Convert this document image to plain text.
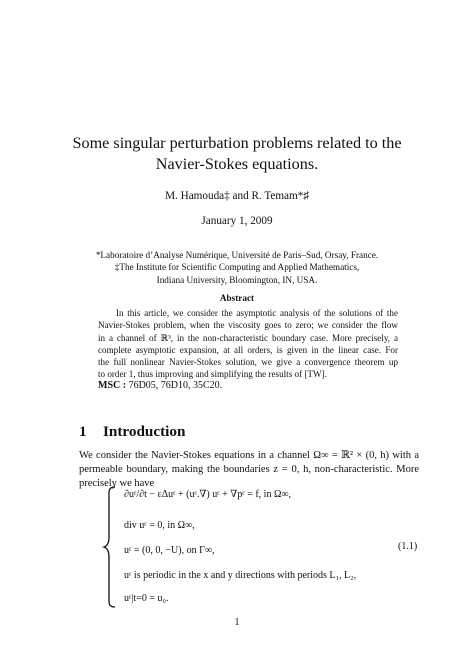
Some singular perturbation problems related to the
Navier-Stokes equations.
M. Hamouda‡ and R. Temam*♯
January 1, 2009
*Laboratoire d’Analyse Numérique, Université de Paris–Sud, Orsay, France.
‡The Institute for Scientific Computing and Applied Mathematics,
Indiana University, Bloomington, IN, USA.
Abstract
In this article, we consider the asymptotic analysis of the solutions of the
Navier-Stokes problem, when the viscosity goes to zero; we consider the flow
in a channel of ℝ³, in the non-characteristic boundary case. More precisely, a
complete asymptotic expansion, at all orders, is given in the linear case. For
the full nonlinear Navier-Stokes solution, we give a convergence theorem up
to order 1, thus improving and simplifying the results of [TW].
MSC : 76D05, 76D10, 35C20.
1 Introduction
We consider the Navier-Stokes equations in a channel Ω∞ = ℝ² × (0, h) with a
permeable boundary, making the boundaries z = 0, h, non-characteristic. More
precisely we have
∂uᵋ/∂t − εΔuᵋ + (uᵋ.∇) uᵋ + ∇pᵋ = f, in Ω∞,
div uᵋ = 0, in Ω∞,
uᵋ = (0, 0, −U), on Γ∞,
uᵋ is periodic in the x and y directions with periods L₁, L₂,
uᵋ|t=0 = u₀.
(1.1)
1
